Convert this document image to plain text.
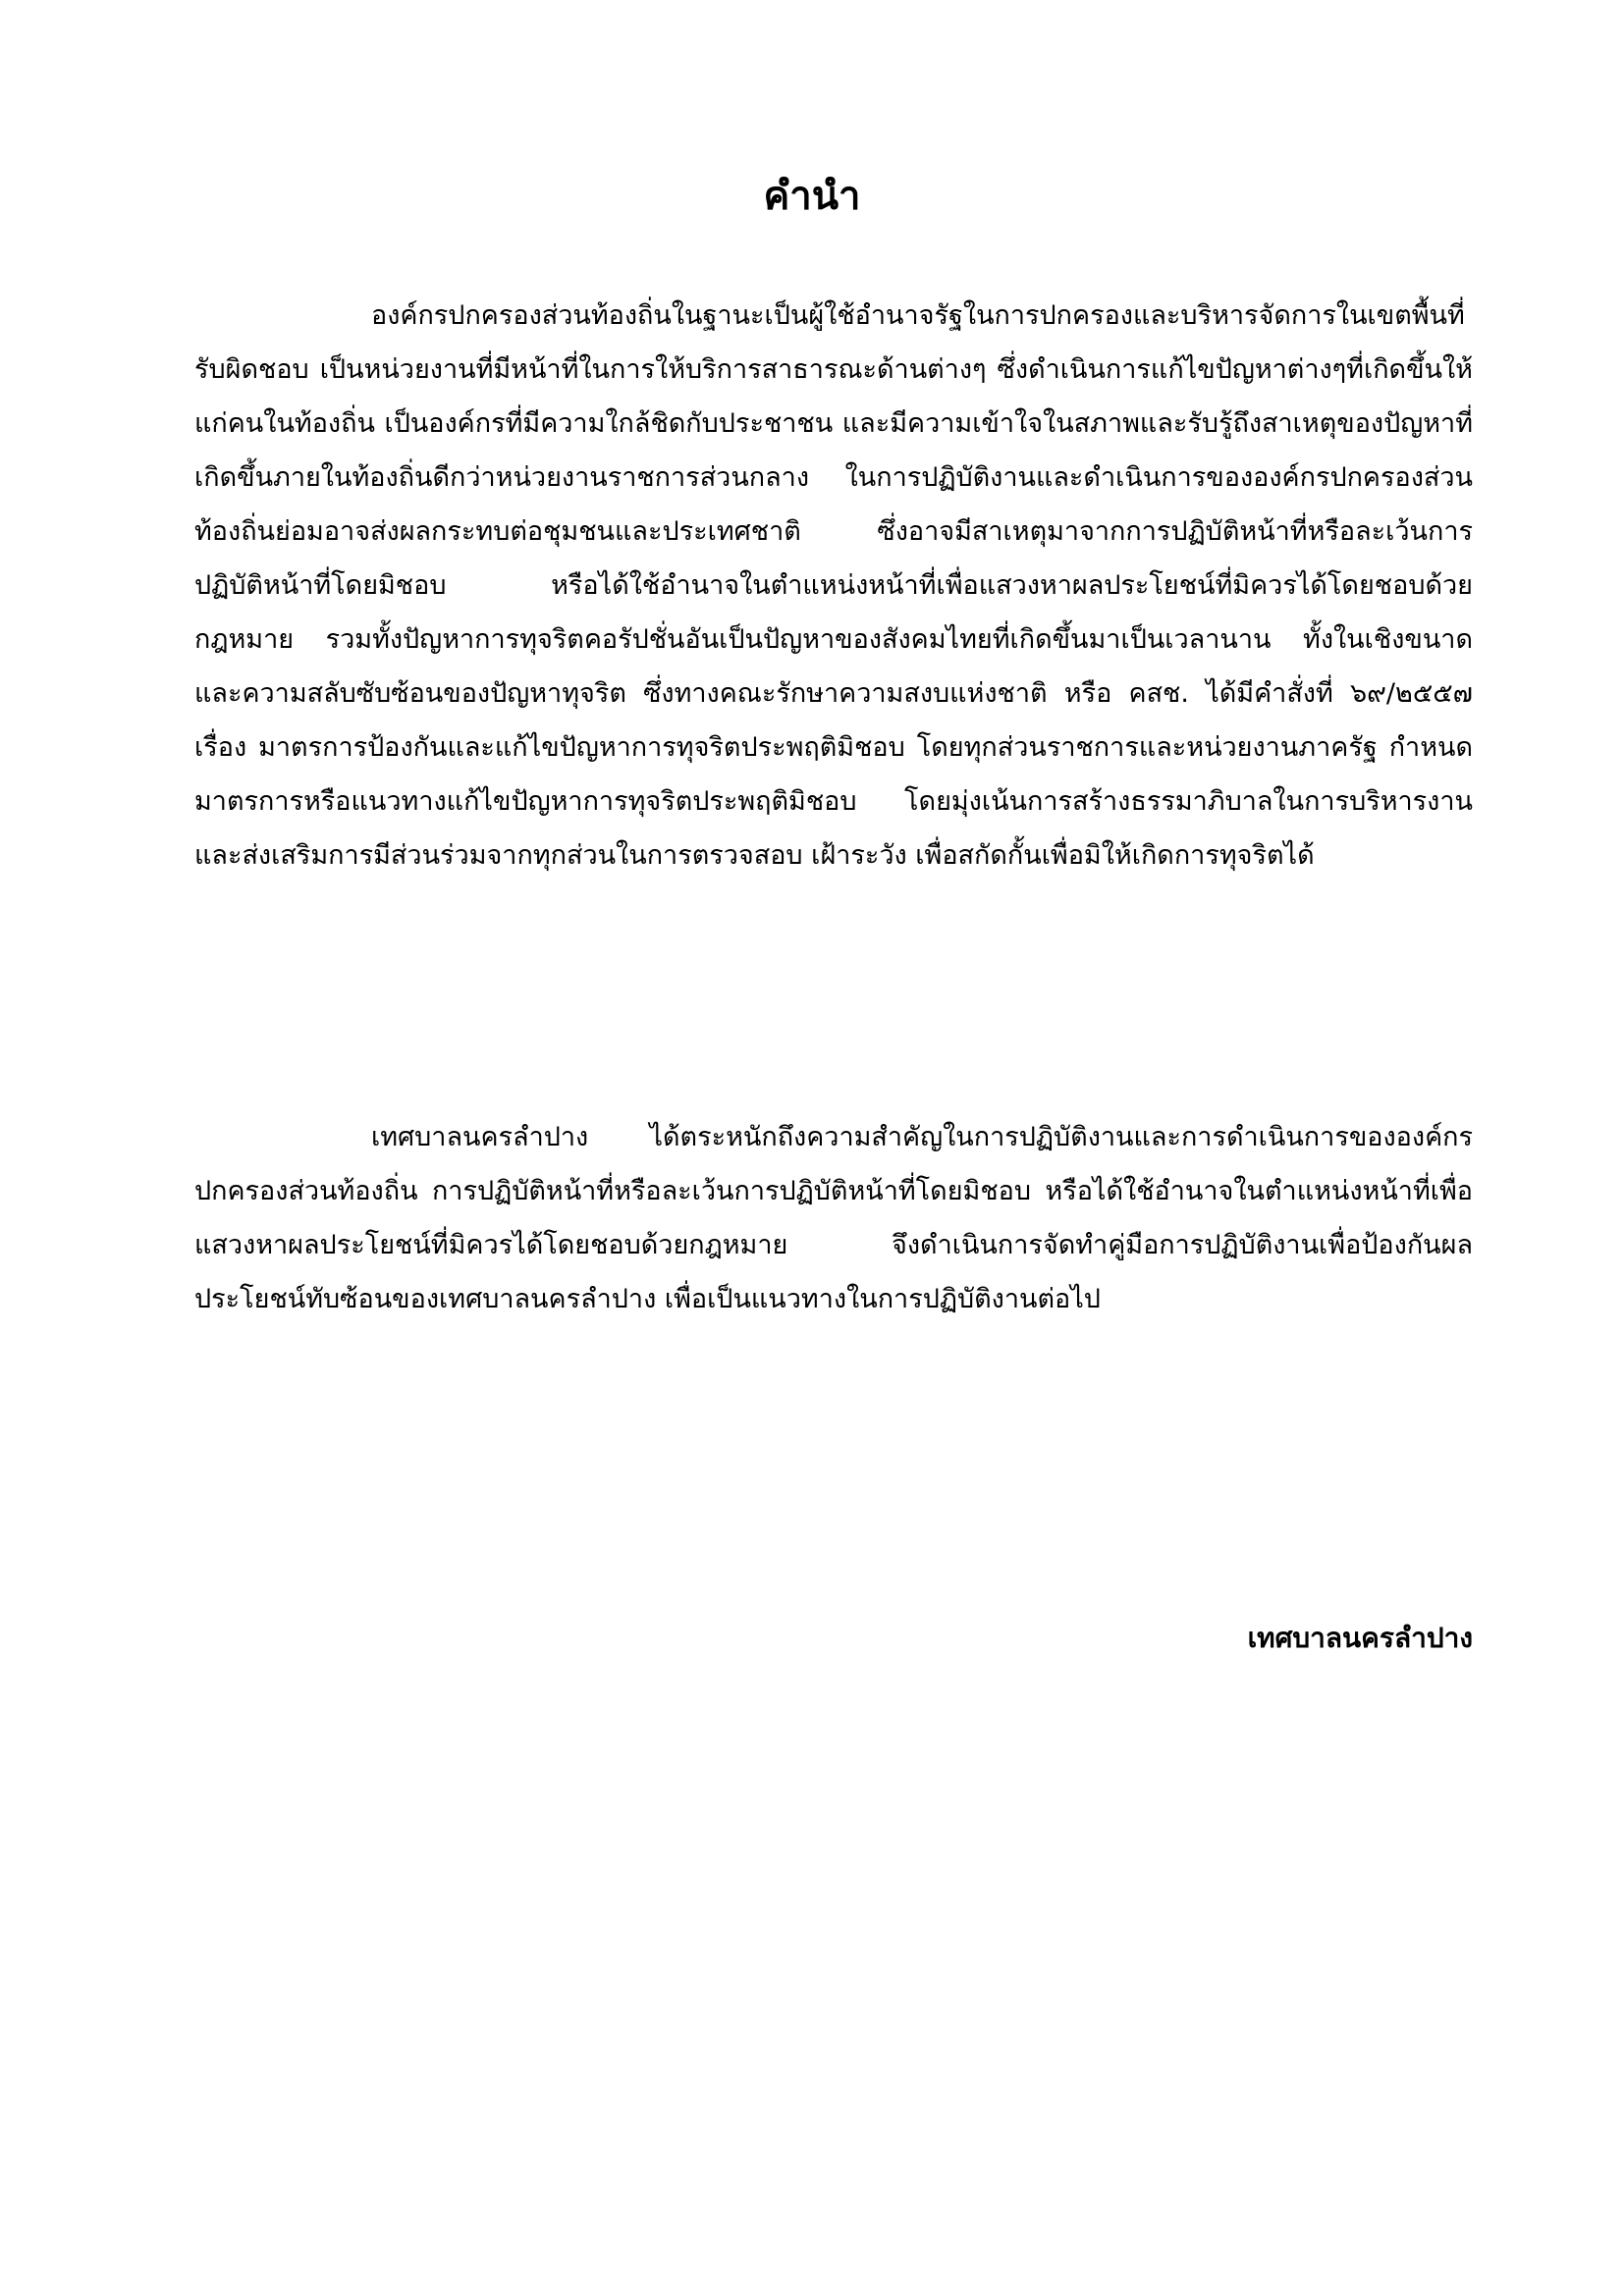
คำนำ

องค์กรปกครองส่วนท้องถิ่นในฐานะเป็นผู้ใช้อำนาจรัฐในการปกครองและบริหารจัดการในเขตพื้นที่รับผิดชอบ เป็นหน่วยงานที่มีหน้าที่ในการให้บริการสาธารณะด้านต่างๆ ซึ่งดำเนินการแก้ไขปัญหาต่างๆที่เกิดขึ้นให้แก่คนในท้องถิ่น เป็นองค์กรที่มีความใกล้ชิดกับประชาชน และมีความเข้าใจในสภาพและรับรู้ถึงสาเหตุของปัญหาที่เกิดขึ้นภายในท้องถิ่นดีกว่าหน่วยงานราชการส่วนกลาง ในการปฏิบัติงานและดำเนินการขององค์กรปกครองส่วนท้องถิ่นย่อมอาจส่งผลกระทบต่อชุมชนและประเทศชาติ ซึ่งอาจมีสาเหตุมาจากการปฏิบัติหน้าที่หรือละเว้นการปฏิบัติหน้าที่โดยมิชอบ หรือได้ใช้อำนาจในตำแหน่งหน้าที่เพื่อแสวงหาผลประโยชน์ที่มิควรได้โดยชอบด้วยกฎหมาย รวมทั้งปัญหาการทุจริตคอรัปชั่นอันเป็นปัญหาของสังคมไทยที่เกิดขึ้นมาเป็นเวลานาน ทั้งในเชิงขนาด และความสลับซับซ้อนของปัญหาทุจริต ซึ่งทางคณะรักษาความสงบแห่งชาติ หรือ คสช. ได้มีคำสั่งที่ ๖๙/๒๕๕๗ เรื่อง มาตรการป้องกันและแก้ไขปัญหาการทุจริตประพฤติมิชอบ โดยทุกส่วนราชการและหน่วยงานภาครัฐ กำหนดมาตรการหรือแนวทางแก้ไขปัญหาการทุจริตประพฤติมิชอบ โดยมุ่งเน้นการสร้างธรรมาภิบาลในการบริหารงาน และส่งเสริมการมีส่วนร่วมจากทุกส่วนในการตรวจสอบ เฝ้าระวัง เพื่อสกัดกั้นเพื่อมิให้เกิดการทุจริตได้

เทศบาลนครลำปาง ได้ตระหนักถึงความสำคัญในการปฏิบัติงานและการดำเนินการขององค์กรปกครองส่วนท้องถิ่น การปฏิบัติหน้าที่หรือละเว้นการปฏิบัติหน้าที่โดยมิชอบ หรือได้ใช้อำนาจในตำแหน่งหน้าที่เพื่อแสวงหาผลประโยชน์ที่มิควรได้โดยชอบด้วยกฎหมาย จึงดำเนินการจัดทำคู่มือการปฏิบัติงานเพื่อป้องกันผลประโยชน์ทับซ้อนของเทศบาลนครลำปาง เพื่อเป็นแนวทางในการปฏิบัติงานต่อไป

เทศบาลนครลำปาง
